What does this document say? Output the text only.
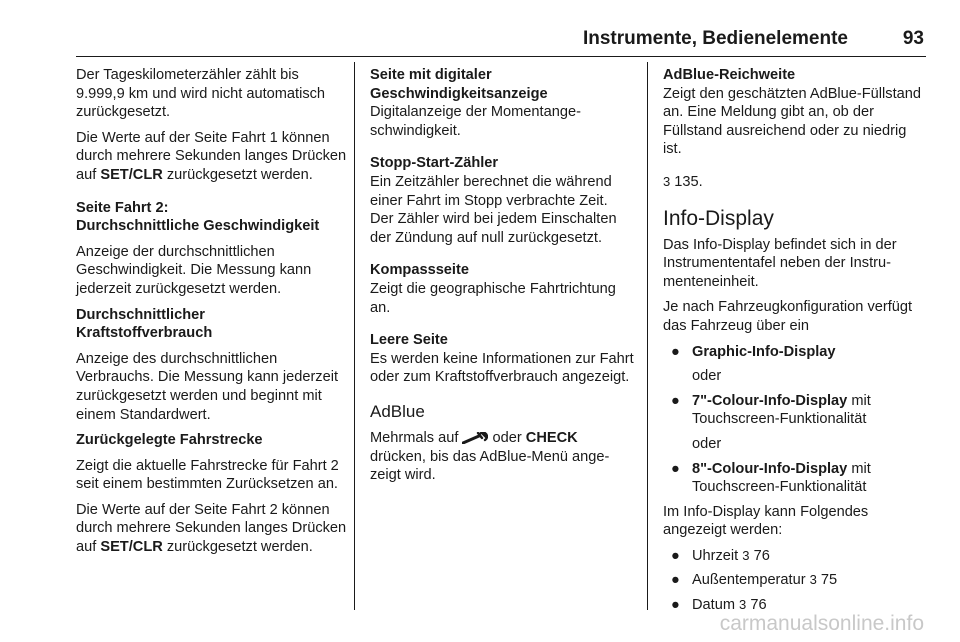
Instrumente, Bedienelemente	93

Der Tageskilometerzähler zählt bis 9.999,9 km und wird nicht automatisch zurückgesetzt.

Die Werte auf der Seite Fahrt 1 können durch mehrere Sekunden langes Drücken auf SET/CLR zurückgesetzt werden.

Seite Fahrt 2:

Durchschnittliche Geschwindigkeit

Anzeige der durchschnittlichen Geschwindigkeit. Die Messung kann jederzeit zurückgesetzt werden.

Durchschnittlicher Kraftstoffverbrauch

Anzeige des durchschnittlichen Verbrauchs. Die Messung kann jederzeit zurückgesetzt werden und beginnt mit einem Standardwert.

Zurückgelegte Fahrstrecke

Zeigt die aktuelle Fahrstrecke für Fahrt 2 seit einem bestimmten Zurücksetzen an.

Die Werte auf der Seite Fahrt 2 können durch mehrere Sekunden langes Drücken auf SET/CLR zurückgesetzt werden.

Seite mit digitaler Geschwindigkeitsanzeige

Digitalanzeige der Momentangeschwindigkeit.

Stopp-Start-Zähler

Ein Zeitzähler berechnet die während einer Fahrt im Stopp verbrachte Zeit. Der Zähler wird bei jedem Einschalten der Zündung auf null zurückgesetzt.

Kompassseite

Zeigt die geographische Fahrtrichtung an.

Leere Seite

Es werden keine Informationen zur Fahrt oder zum Kraftstoffverbrauch angezeigt.

AdBlue

Mehrmals auf  oder CHECK drücken, bis das AdBlue-Menü angezeigt wird.

AdBlue-Reichweite

Zeigt den geschätzten AdBlue-Füllstand an. Eine Meldung gibt an, ob der Füllstand ausreichend oder zu niedrig ist.

3 135.

Info-Display

Das Info-Display befindet sich in der Instrumententafel neben der Instrumenteneinheit.

Je nach Fahrzeugkonfiguration verfügt das Fahrzeug über ein

● Graphic-Info-Display
oder
● 7"-Colour-Info-Display mit Touchscreen-Funktionalität
oder
● 8"-Colour-Info-Display mit Touchscreen-Funktionalität

Im Info-Display kann Folgendes angezeigt werden:

● Uhrzeit 3 76
● Außentemperatur 3 75
● Datum 3 76
carmanualsonline.info
